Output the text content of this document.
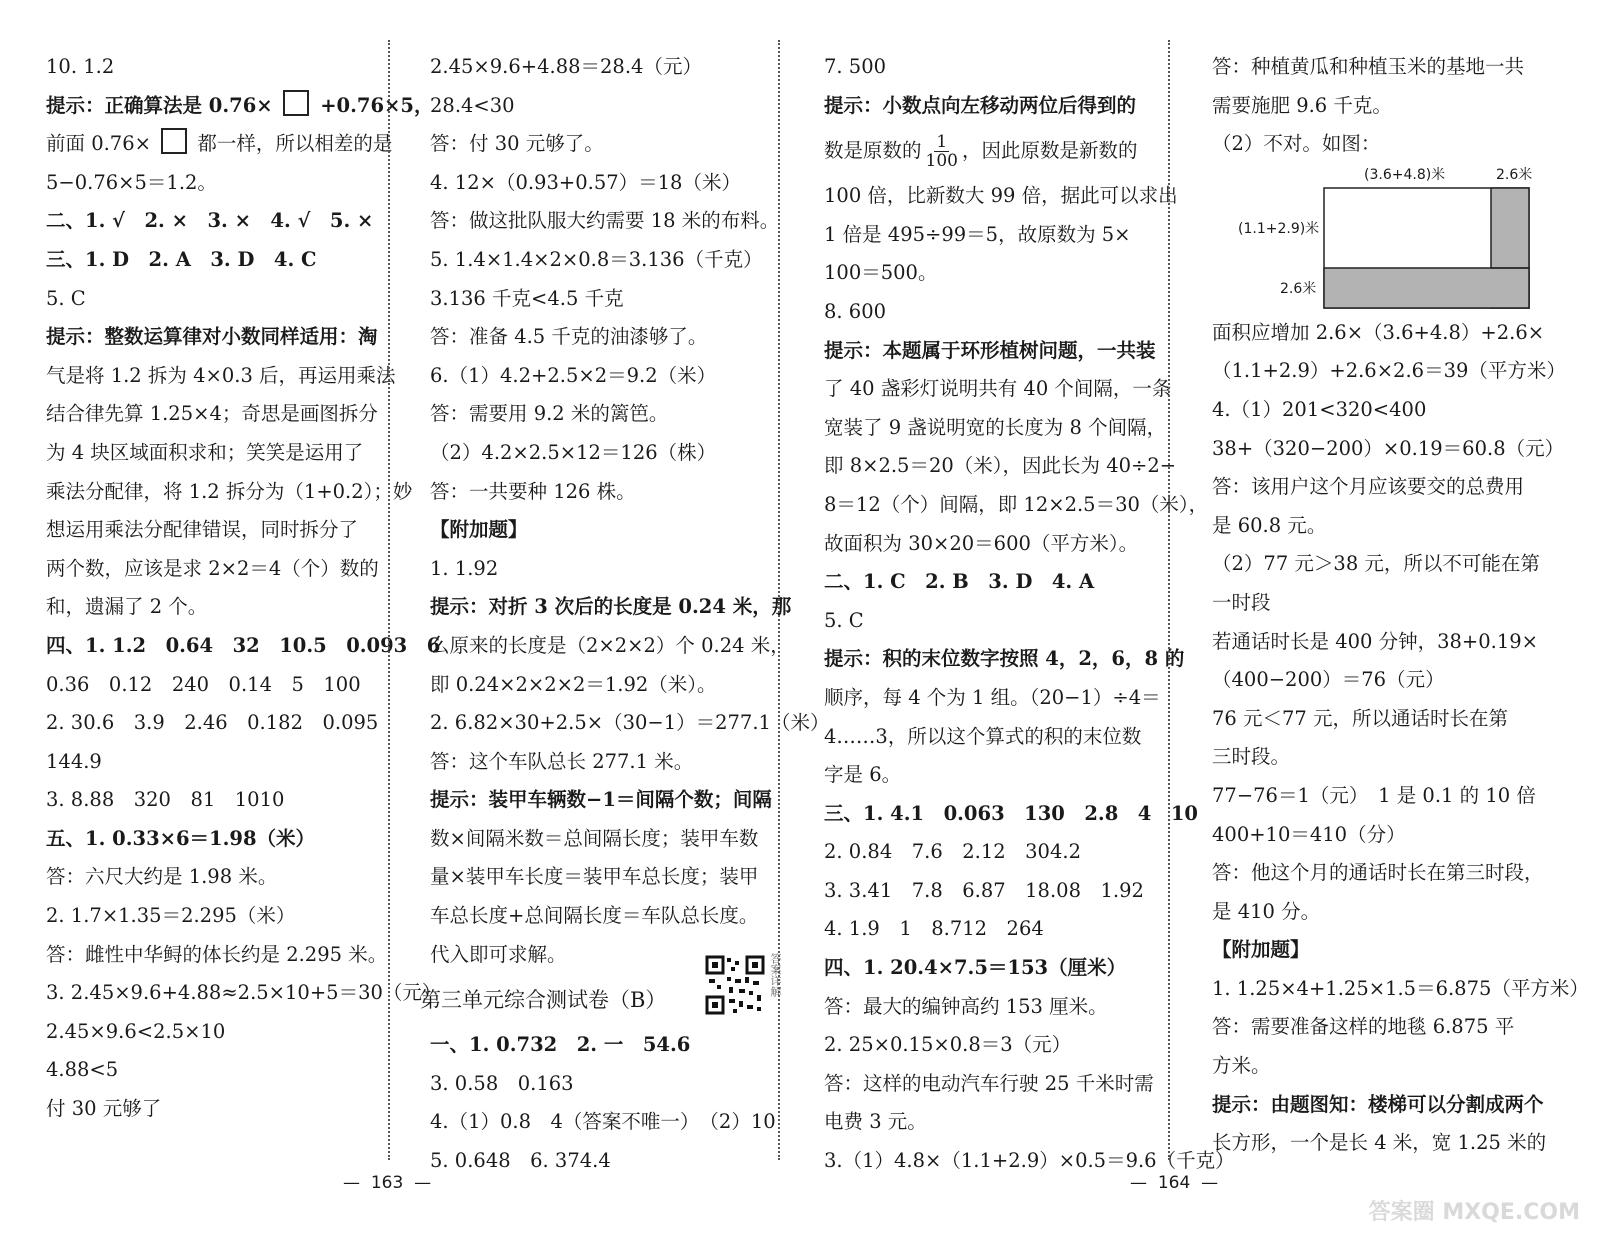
10. 1.2
提示：正确算法是 0.76×  +0.76×5，
前面 0.76×  都一样，所以相差的是
5−0.76×5＝1.2。
二、1. √　2. ×　3. ×　4. √　5. ×
三、1. D　2. A　3. D　4. C
5. C
提示：整数运算律对小数同样适用：淘
气是将 1.2 拆为 4×0.3 后，再运用乘法
结合律先算 1.25×4；奇思是画图拆分
为 4 块区域面积求和；笑笑是运用了
乘法分配律，将 1.2 拆分为（1+0.2）；妙
想运用乘法分配律错误，同时拆分了
两个数，应该是求 2×2＝4（个）数的
和，遗漏了 2 个。
四、1. 1.2　0.64　32　10.5　0.093　6
0.36　0.12　240　0.14　5　100
2. 30.6　3.9　2.46　0.182　0.095
144.9
3. 8.88　320　81　1010
五、1. 0.33×6＝1.98（米）
答：六尺大约是 1.98 米。
2. 1.7×1.35＝2.295（米）
答：雌性中华鲟的体长约是 2.295 米。
3. 2.45×9.6+4.88≈2.5×10+5＝30（元）
2.45×9.6<2.5×10
4.88<5
付 30 元够了
2.45×9.6+4.88＝28.4（元）
28.4<30
答：付 30 元够了。
4. 12×（0.93+0.57）＝18（米）
答：做这批队服大约需要 18 米的布料。
5. 1.4×1.4×2×0.8＝3.136（千克）
3.136 千克<4.5 千克
答：准备 4.5 千克的油漆够了。
6.（1）4.2+2.5×2＝9.2（米）
答：需要用 9.2 米的篱笆。
（2）4.2×2.5×12＝126（株）
答：一共要种 126 株。
【附加题】
1. 1.92
提示：对折 3 次后的长度是 0.24 米，那
么原来的长度是（2×2×2）个 0.24 米，
即 0.24×2×2×2＝1.92（米）。
2. 6.82×30+2.5×（30−1）＝277.1（米）
答：这个车队总长 277.1 米。
提示：装甲车辆数−1＝间隔个数；间隔
数×间隔米数＝总间隔长度；装甲车数
量×装甲车长度＝装甲车总长度；装甲
车总长度+总间隔长度＝车队总长度。
代入即可求解。
第三单元综合测试卷（B）
一、1. 0.732　2. 一　54.6
3. 0.58　0.163
4.（1）0.8　4（答案不唯一）　（2）10
5. 0.648　6. 374.4
答案详解
7. 500
提示：小数点向左移动两位后得到的
数是原数的 $\frac{1}{100}$ ，因此原数是新数的
100 倍，比新数大 99 倍，据此可以求出
1 倍是 495÷99＝5，故原数为 5×
100＝500。
8. 600
提示：本题属于环形植树问题，一共装
了 40 盏彩灯说明共有 40 个间隔，一条
宽装了 9 盏说明宽的长度为 8 个间隔，
即 8×2.5＝20（米），因此长为 40÷2−
8＝12（个）间隔，即 12×2.5＝30（米），
故面积为 30×20＝600（平方米）。
二、1. C　2. B　3. D　4. A
5. C
提示：积的末位数字按照 4，2，6，8 的
顺序，每 4 个为 1 组。（20−1）÷4＝
4……3，所以这个算式的积的末位数
字是 6。
三、1. 4.1　0.063　130　2.8　4　10
2. 0.84　7.6　2.12　304.2
3. 3.41　7.8　6.87　18.08　1.92
4. 1.9　1　8.712　264
四、1. 20.4×7.5＝153（厘米）
答：最大的编钟高约 153 厘米。
2. 25×0.15×0.8＝3（元）
答：这样的电动汽车行驶 25 千米时需
电费 3 元。
3.（1）4.8×（1.1+2.9）×0.5＝9.6（千克）
答：种植黄瓜和种植玉米的基地一共
需要施肥 9.6 千克。
（2）不对。如图：
(3.6+4.8)米	2.6米
(1.1+2.9)米
2.6米
面积应增加 2.6×（3.6+4.8）+2.6×
（1.1+2.9）+2.6×2.6＝39（平方米）
4.（1）201<320<400
38+（320−200）×0.19＝60.8（元）
答：该用户这个月应该要交的总费用
是 60.8 元。
（2）77 元＞38 元，所以不可能在第
一时段
若通话时长是 400 分钟，38+0.19×
（400−200）＝76（元）
76 元＜77 元，所以通话时长在第
三时段。
77−76＝1（元）　1 是 0.1 的 10 倍
400+10＝410（分）
答：他这个月的通话时长在第三时段，
是 410 分。
【附加题】
1. 1.25×4+1.25×1.5＝6.875（平方米）
答：需要准备这样的地毯 6.875 平
方米。
提示：由题图知：楼梯可以分割成两个
长方形，一个是长 4 米，宽 1.25 米的
—  163  —	—  164  —
答案圈 MXQE.COM
